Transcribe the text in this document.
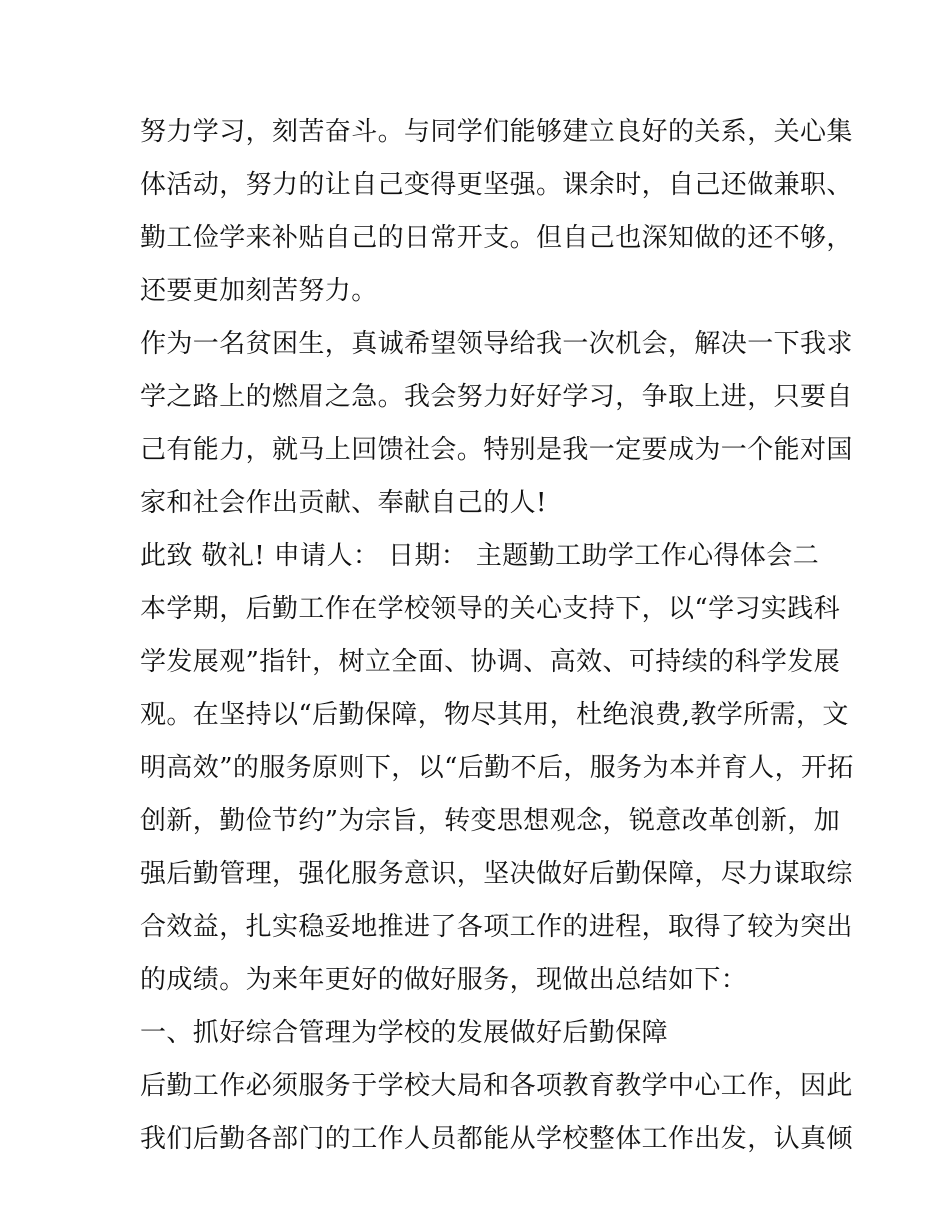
努力学习，刻苦奋斗。与同学们能够建立良好的关系，关心集
体活动，努力的让自己变得更坚强。课余时，自己还做兼职、
勤工俭学来补贴自己的日常开支。但自己也深知做的还不够，
还要更加刻苦努力。
作为一名贫困生，真诚希望领导给我一次机会，解决一下我求
学之路上的燃眉之急。我会努力好好学习，争取上进，只要自
己有能力，就马上回馈社会。特别是我一定要成为一个能对国
家和社会作出贡献、奉献自己的人!
此致 敬礼! 申请人： 日期： 主题勤工助学工作心得体会二
本学期，后勤工作在学校领导的关心支持下，以“学习实践科
学发展观”指针，树立全面、协调、高效、可持续的科学发展
观。在坚持以“后勤保障，物尽其用，杜绝浪费,教学所需，文
明高效”的服务原则下，以“后勤不后，服务为本并育人，开拓
创新，勤俭节约”为宗旨，转变思想观念，锐意改革创新，加
强后勤管理，强化服务意识，坚决做好后勤保障，尽力谋取综
合效益，扎实稳妥地推进了各项工作的进程，取得了较为突出
的成绩。为来年更好的做好服务，现做出总结如下：
一、抓好综合管理为学校的发展做好后勤保障
后勤工作必须服务于学校大局和各项教育教学中心工作，因此
我们后勤各部门的工作人员都能从学校整体工作出发，认真倾
